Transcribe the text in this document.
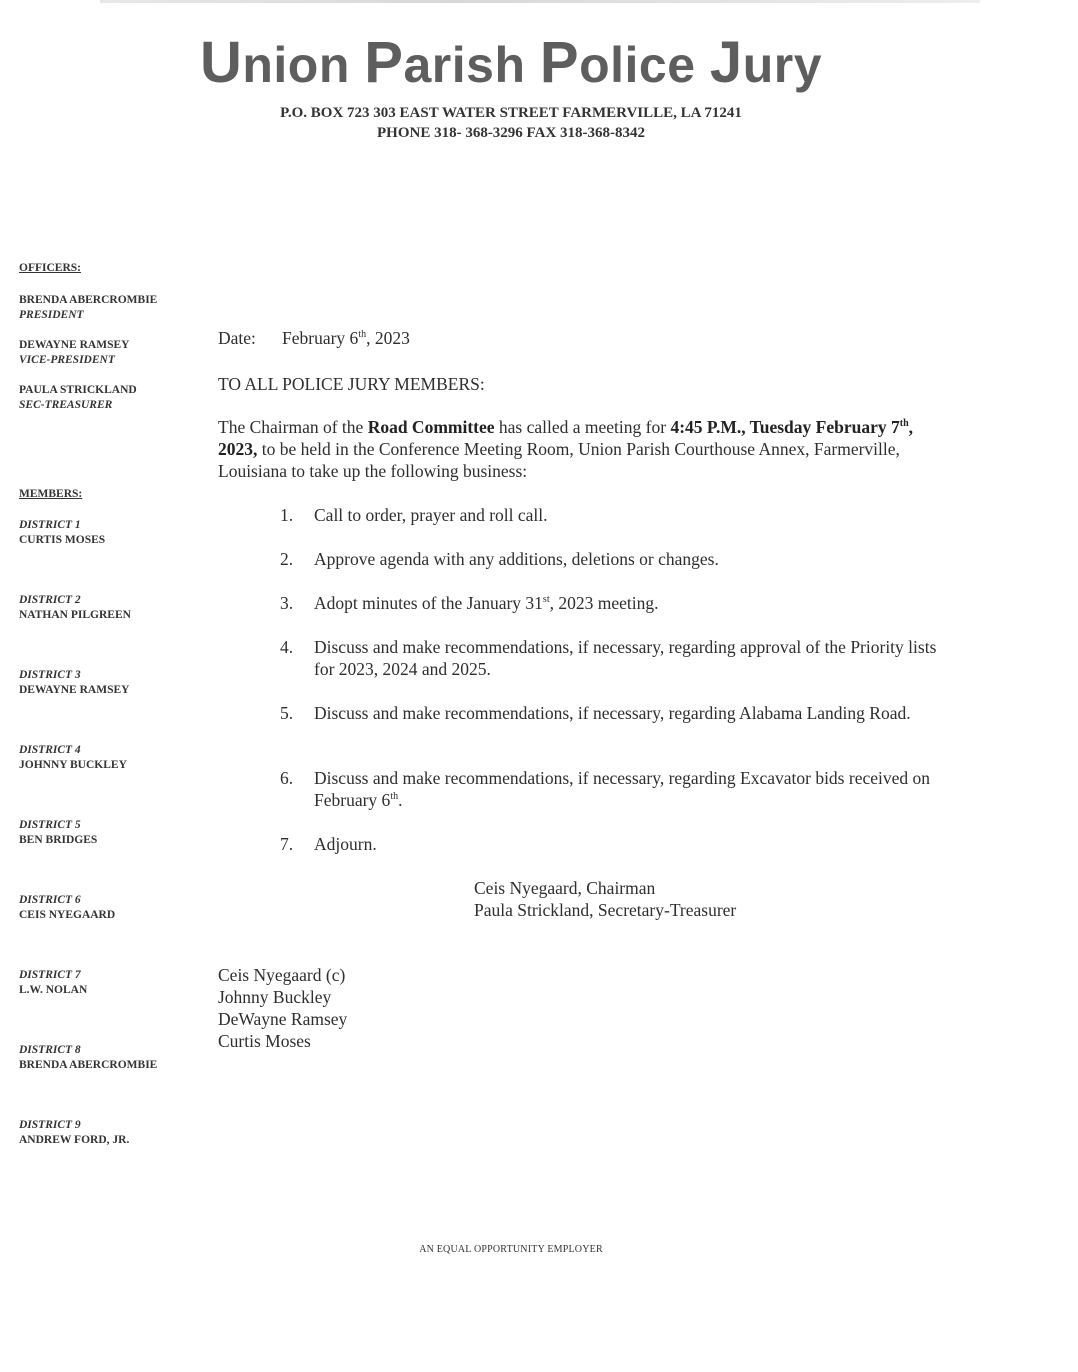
Union Parish Police Jury
P.O. BOX 723 303 EAST WATER STREET FARMERVILLE, LA 71241
PHONE 318- 368-3296 FAX 318-368-8342
OFFICERS:
BRENDA ABERCROMBIE
PRESIDENT
DEWAYNE RAMSEY
VICE-PRESIDENT
PAULA STRICKLAND
SEC-TREASURER
MEMBERS:
DISTRICT 1
CURTIS MOSES
DISTRICT 2
NATHAN PILGREEN
DISTRICT 3
DEWAYNE RAMSEY
DISTRICT 4
JOHNNY BUCKLEY
DISTRICT 5
BEN BRIDGES
DISTRICT 6
CEIS NYEGAARD
DISTRICT 7
L.W. NOLAN
DISTRICT 8
BRENDA ABERCROMBIE
DISTRICT 9
ANDREW FORD, JR.
Date: February 6th, 2023
TO ALL POLICE JURY MEMBERS:
The Chairman of the Road Committee has called a meeting for 4:45 P.M., Tuesday February 7th, 2023, to be held in the Conference Meeting Room, Union Parish Courthouse Annex, Farmerville, Louisiana to take up the following business:
1. Call to order, prayer and roll call.
2. Approve agenda with any additions, deletions or changes.
3. Adopt minutes of the January 31st, 2023 meeting.
4. Discuss and make recommendations, if necessary, regarding approval of the Priority lists for 2023, 2024 and 2025.
5. Discuss and make recommendations, if necessary, regarding Alabama Landing Road.
6. Discuss and make recommendations, if necessary, regarding Excavator bids received on February 6th.
7. Adjourn.
Ceis Nyegaard, Chairman
Paula Strickland, Secretary-Treasurer
Ceis Nyegaard (c)
Johnny Buckley
DeWayne Ramsey
Curtis Moses
AN EQUAL OPPORTUNITY EMPLOYER
